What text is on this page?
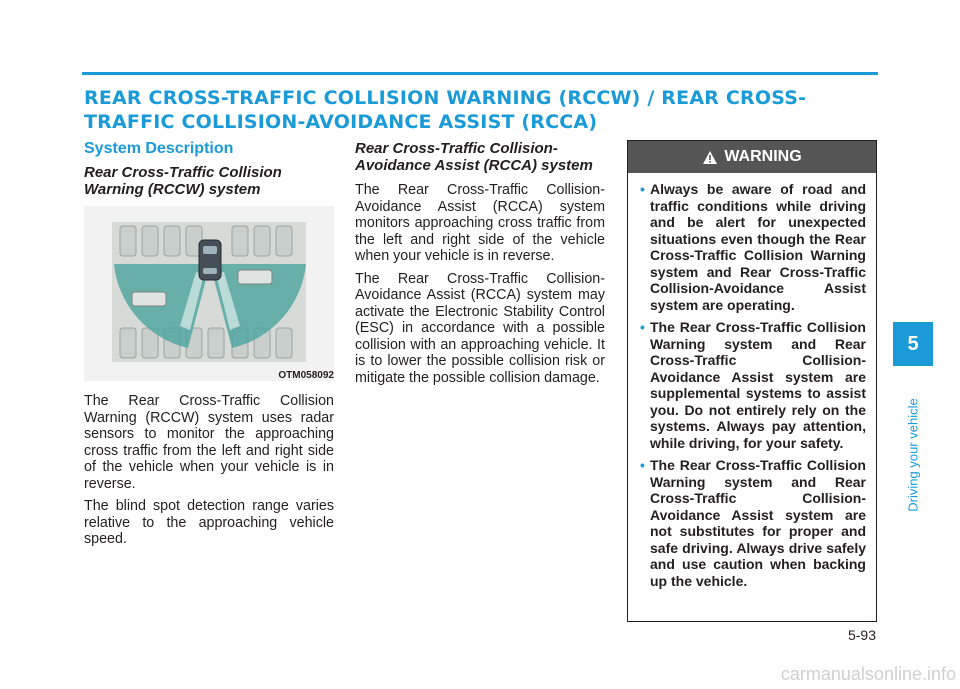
REAR CROSS-TRAFFIC COLLISION WARNING (RCCW) / REAR CROSS-TRAFFIC COLLISION-AVOIDANCE ASSIST (RCCA)
System Description
Rear Cross-Traffic Collision Warning (RCCW) system
OTM058092

The Rear Cross-Traffic Collision Warning (RCCW) system uses radar sensors to monitor the approaching cross traffic from the left and right side of the vehicle when your vehicle is in reverse.

The blind spot detection range varies relative to the approaching vehicle speed.

Rear Cross-Traffic Collision-Avoidance Assist (RCCA) system

The Rear Cross-Traffic Collision-Avoidance Assist (RCCA) system monitors approaching cross traffic from the left and right side of the vehicle when your vehicle is in reverse.

The Rear Cross-Traffic Collision-Avoidance Assist (RCCA) system may activate the Electronic Stability Control (ESC) in accordance with a possible collision with an approaching vehicle. It is to lower the possible collision risk or mitigate the possible collision damage.

WARNING
• Always be aware of road and traffic conditions while driving and be alert for unexpected situations even though the Rear Cross-Traffic Collision Warning system and Rear Cross-Traffic Collision-Avoidance Assist system are operating.
• The Rear Cross-Traffic Collision Warning system and Rear Cross-Traffic Collision-Avoidance Assist system are supplemental systems to assist you. Do not entirely rely on the systems. Always pay attention, while driving, for your safety.
• The Rear Cross-Traffic Collision Warning system and Rear Cross-Traffic Collision-Avoidance Assist system are not substitutes for proper and safe driving. Always drive safely and use caution when backing up the vehicle.
5
Driving your vehicle
5-93
carmanualsonline.info
